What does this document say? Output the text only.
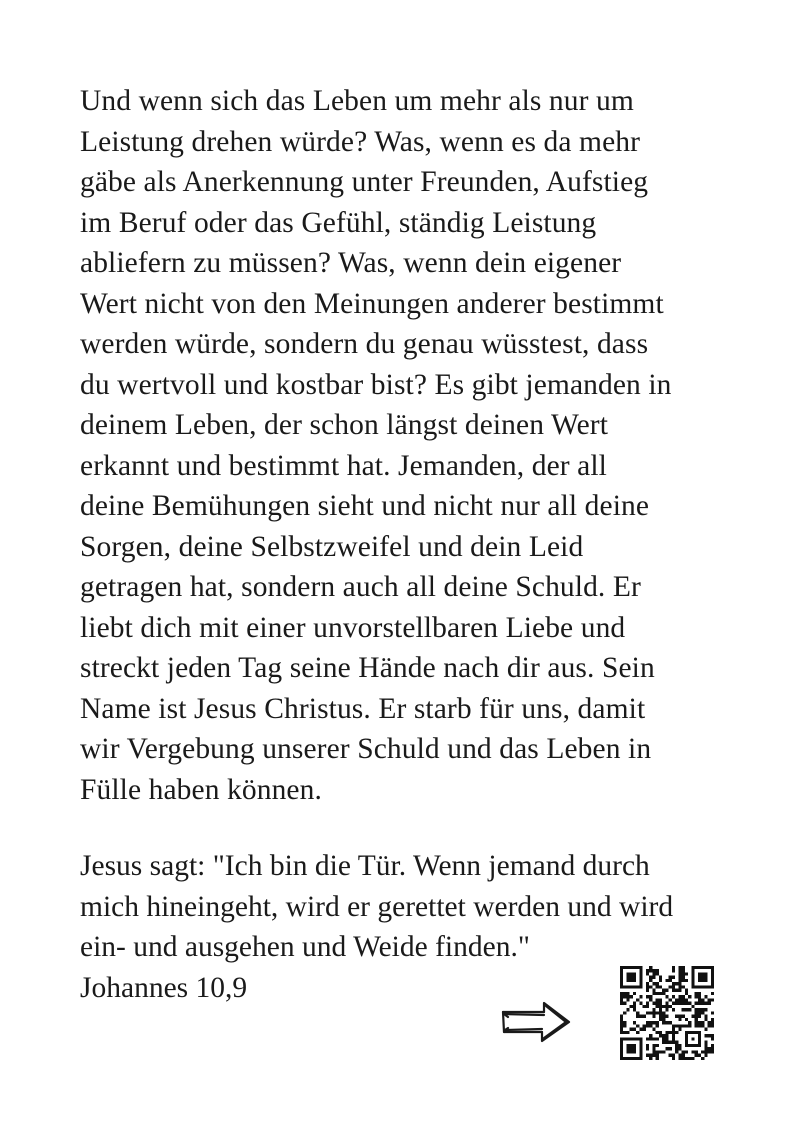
Und wenn sich das Leben um mehr als nur um
Leistung drehen würde? Was, wenn es da mehr
gäbe als Anerkennung unter Freunden, Aufstieg
im Beruf oder das Gefühl, ständig Leistung
abliefern zu müssen? Was, wenn dein eigener
Wert nicht von den Meinungen anderer bestimmt
werden würde, sondern du genau wüsstest, dass
du wertvoll und kostbar bist? Es gibt jemanden in
deinem Leben, der schon längst deinen Wert
erkannt und bestimmt hat. Jemanden, der all
deine Bemühungen sieht und nicht nur all deine
Sorgen, deine Selbstzweifel und dein Leid
getragen hat, sondern auch all deine Schuld. Er
liebt dich mit einer unvorstellbaren Liebe und
streckt jeden Tag seine Hände nach dir aus. Sein
Name ist Jesus Christus. Er starb für uns, damit
wir Vergebung unserer Schuld und das Leben in
Fülle haben können.
Jesus sagt: "Ich bin die Tür. Wenn jemand durch
mich hineingeht, wird er gerettet werden und wird
ein- und ausgehen und Weide finden."
Johannes 10,9
